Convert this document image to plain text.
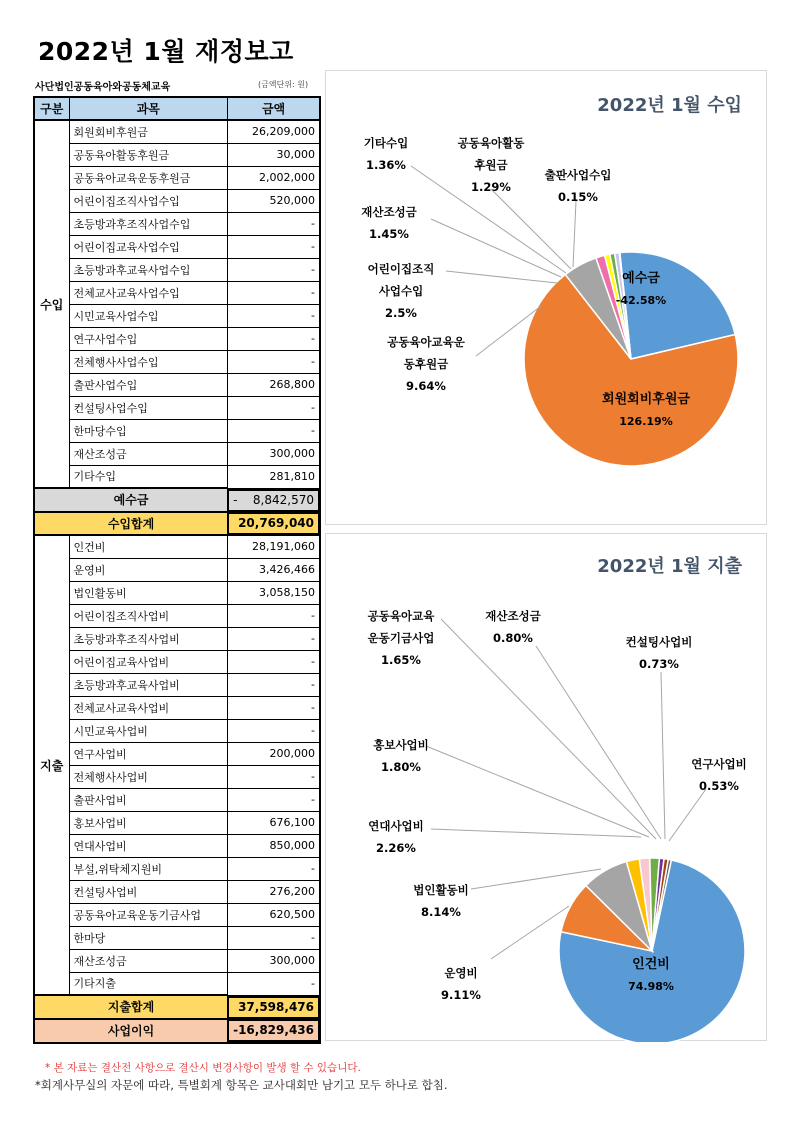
2022년 1월 재정보고
사단법인공동육아와공동체교육	(금액단위: 원)
구분	과목	금액
수입	회원회비후원금	26,209,000
	공동육아활동후원금	30,000
	공동육아교육운동후원금	2,002,000
	어린이집조직사업수입	520,000
	초등방과후조직사업수입	-
	어린이집교육사업수입	-
	초등방과후교육사업수입	-
	전체교사교육사업수입	-
	시민교육사업수입	-
	연구사업수입	-
	전체행사사업수입	-
	출판사업수입	268,800
	컨설팅사업수입	-
	한마당수입	-
	재산조성금	300,000
	기타수입	281,810
예수금		- 8,842,570

수입합계		20,769,040

지출	인건비	28,191,060
	운영비	3,426,466
	법인활동비	3,058,150
	어린이집조직사업비	-
	초등방과후조직사업비	-
	어린이집교육사업비	-
	초등방과후교육사업비	-
	전체교사교육사업비	-
	시민교육사업비	-
	연구사업비	200,000
	전체행사사업비	-
	출판사업비	-
	홍보사업비	676,100
	연대사업비	850,000
	부설,위탁체지원비	-
	컨설팅사업비	276,200
	공동육아교육운동기금사업	620,500
	한마당	-
	재산조성금	300,000
	기타지출	-
지출합계		37,598,476

사업이익		- 16,829,436
2022년 1월 수입
예수금
-42.58%
회원회비후원금
126.19%
공동육아교육운
동후원금
9.64%
어린이집조직
사업수입
2.5%
재산조성금
1.45%
기타수입
1.36%
공동육아활동
후원금
1.29%
출판사업수입
0.15%
2022년 1월 지출
인건비
74.98%
운영비
9.11%
법인활동비
8.14%
연대사업비
2.26%
홍보사업비
1.80%
공동육아교육
운동기금사업
1.65%
재산조성금
0.80%	컨설팅사업비
0.73%
연구사업비
0.53%
* 본 자료는 결산전 사항으로 결산시 변경사항이 발생 할 수 있습니다.
*회계사무실의 자문에 따라, 특별회계 항목은 교사대회만 남기고 모두 하나로 합침.
